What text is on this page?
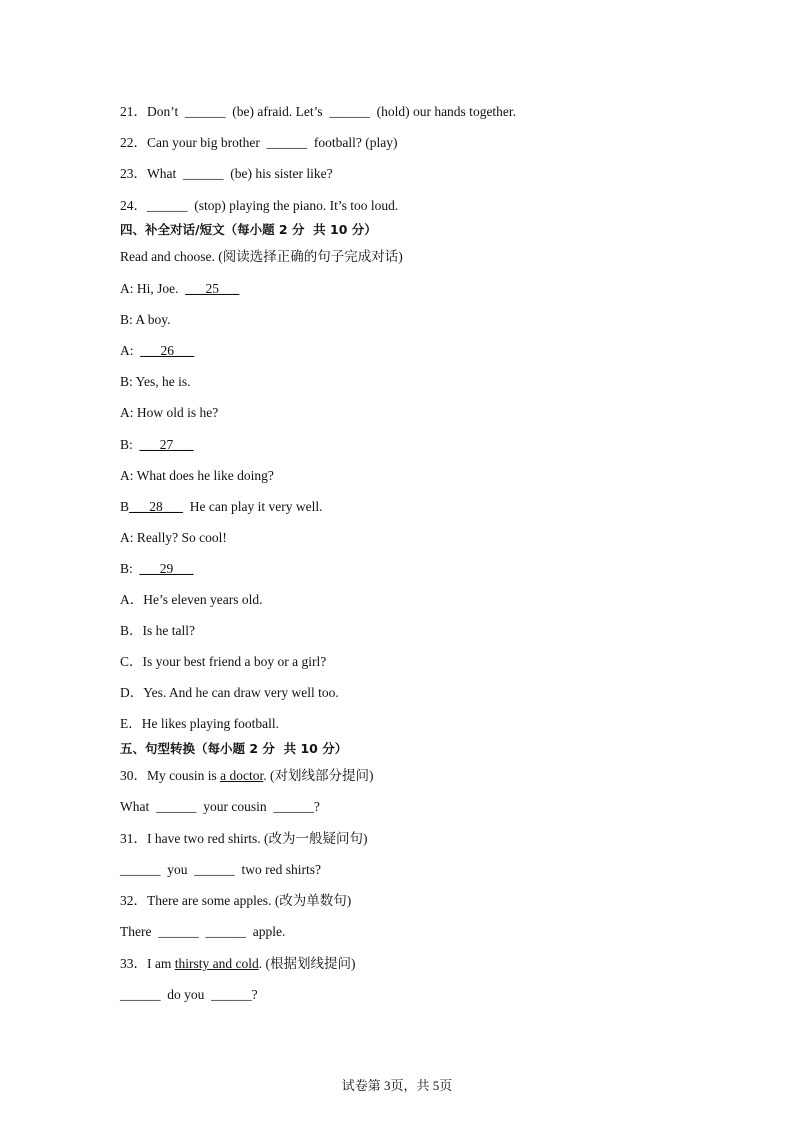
21．Don’t  ______  (be) afraid. Let’s  ______  (hold) our hands together.
22．Can your big brother  ______  football? (play)
23．What  ______  (be) his sister like?
24．______  (stop) playing the piano. It’s too loud.
四、补全对话/短文（每小题 2 分  共 10 分）
Read and choose. (阅读选择正确的句子完成对话)
A: Hi, Joe.  ___25___
B: A boy.
A:  ___26___
B: Yes, he is.
A: How old is he?
B:  ___27___
A: What does he like doing?
B___28___  He can play it very well.
A: Really? So cool!
B:  ___29___
A．He’s eleven years old.
B．Is he tall?
C．Is your best friend a boy or a girl?
D．Yes. And he can draw very well too.
E．He likes playing football.
五、句型转换（每小题 2 分  共 10 分）
30．My cousin is a doctor. (对划线部分提问)
What  ______  your cousin  ______?
31．I have two red shirts. (改为一般疑问句)
______  you  ______  two red shirts?
32．There are some apples. (改为单数句)
There  ______  ______  apple.
33．I am thirsty and cold. (根据划线提问)
______  do you  ______?
试卷第 3页，共 5页
